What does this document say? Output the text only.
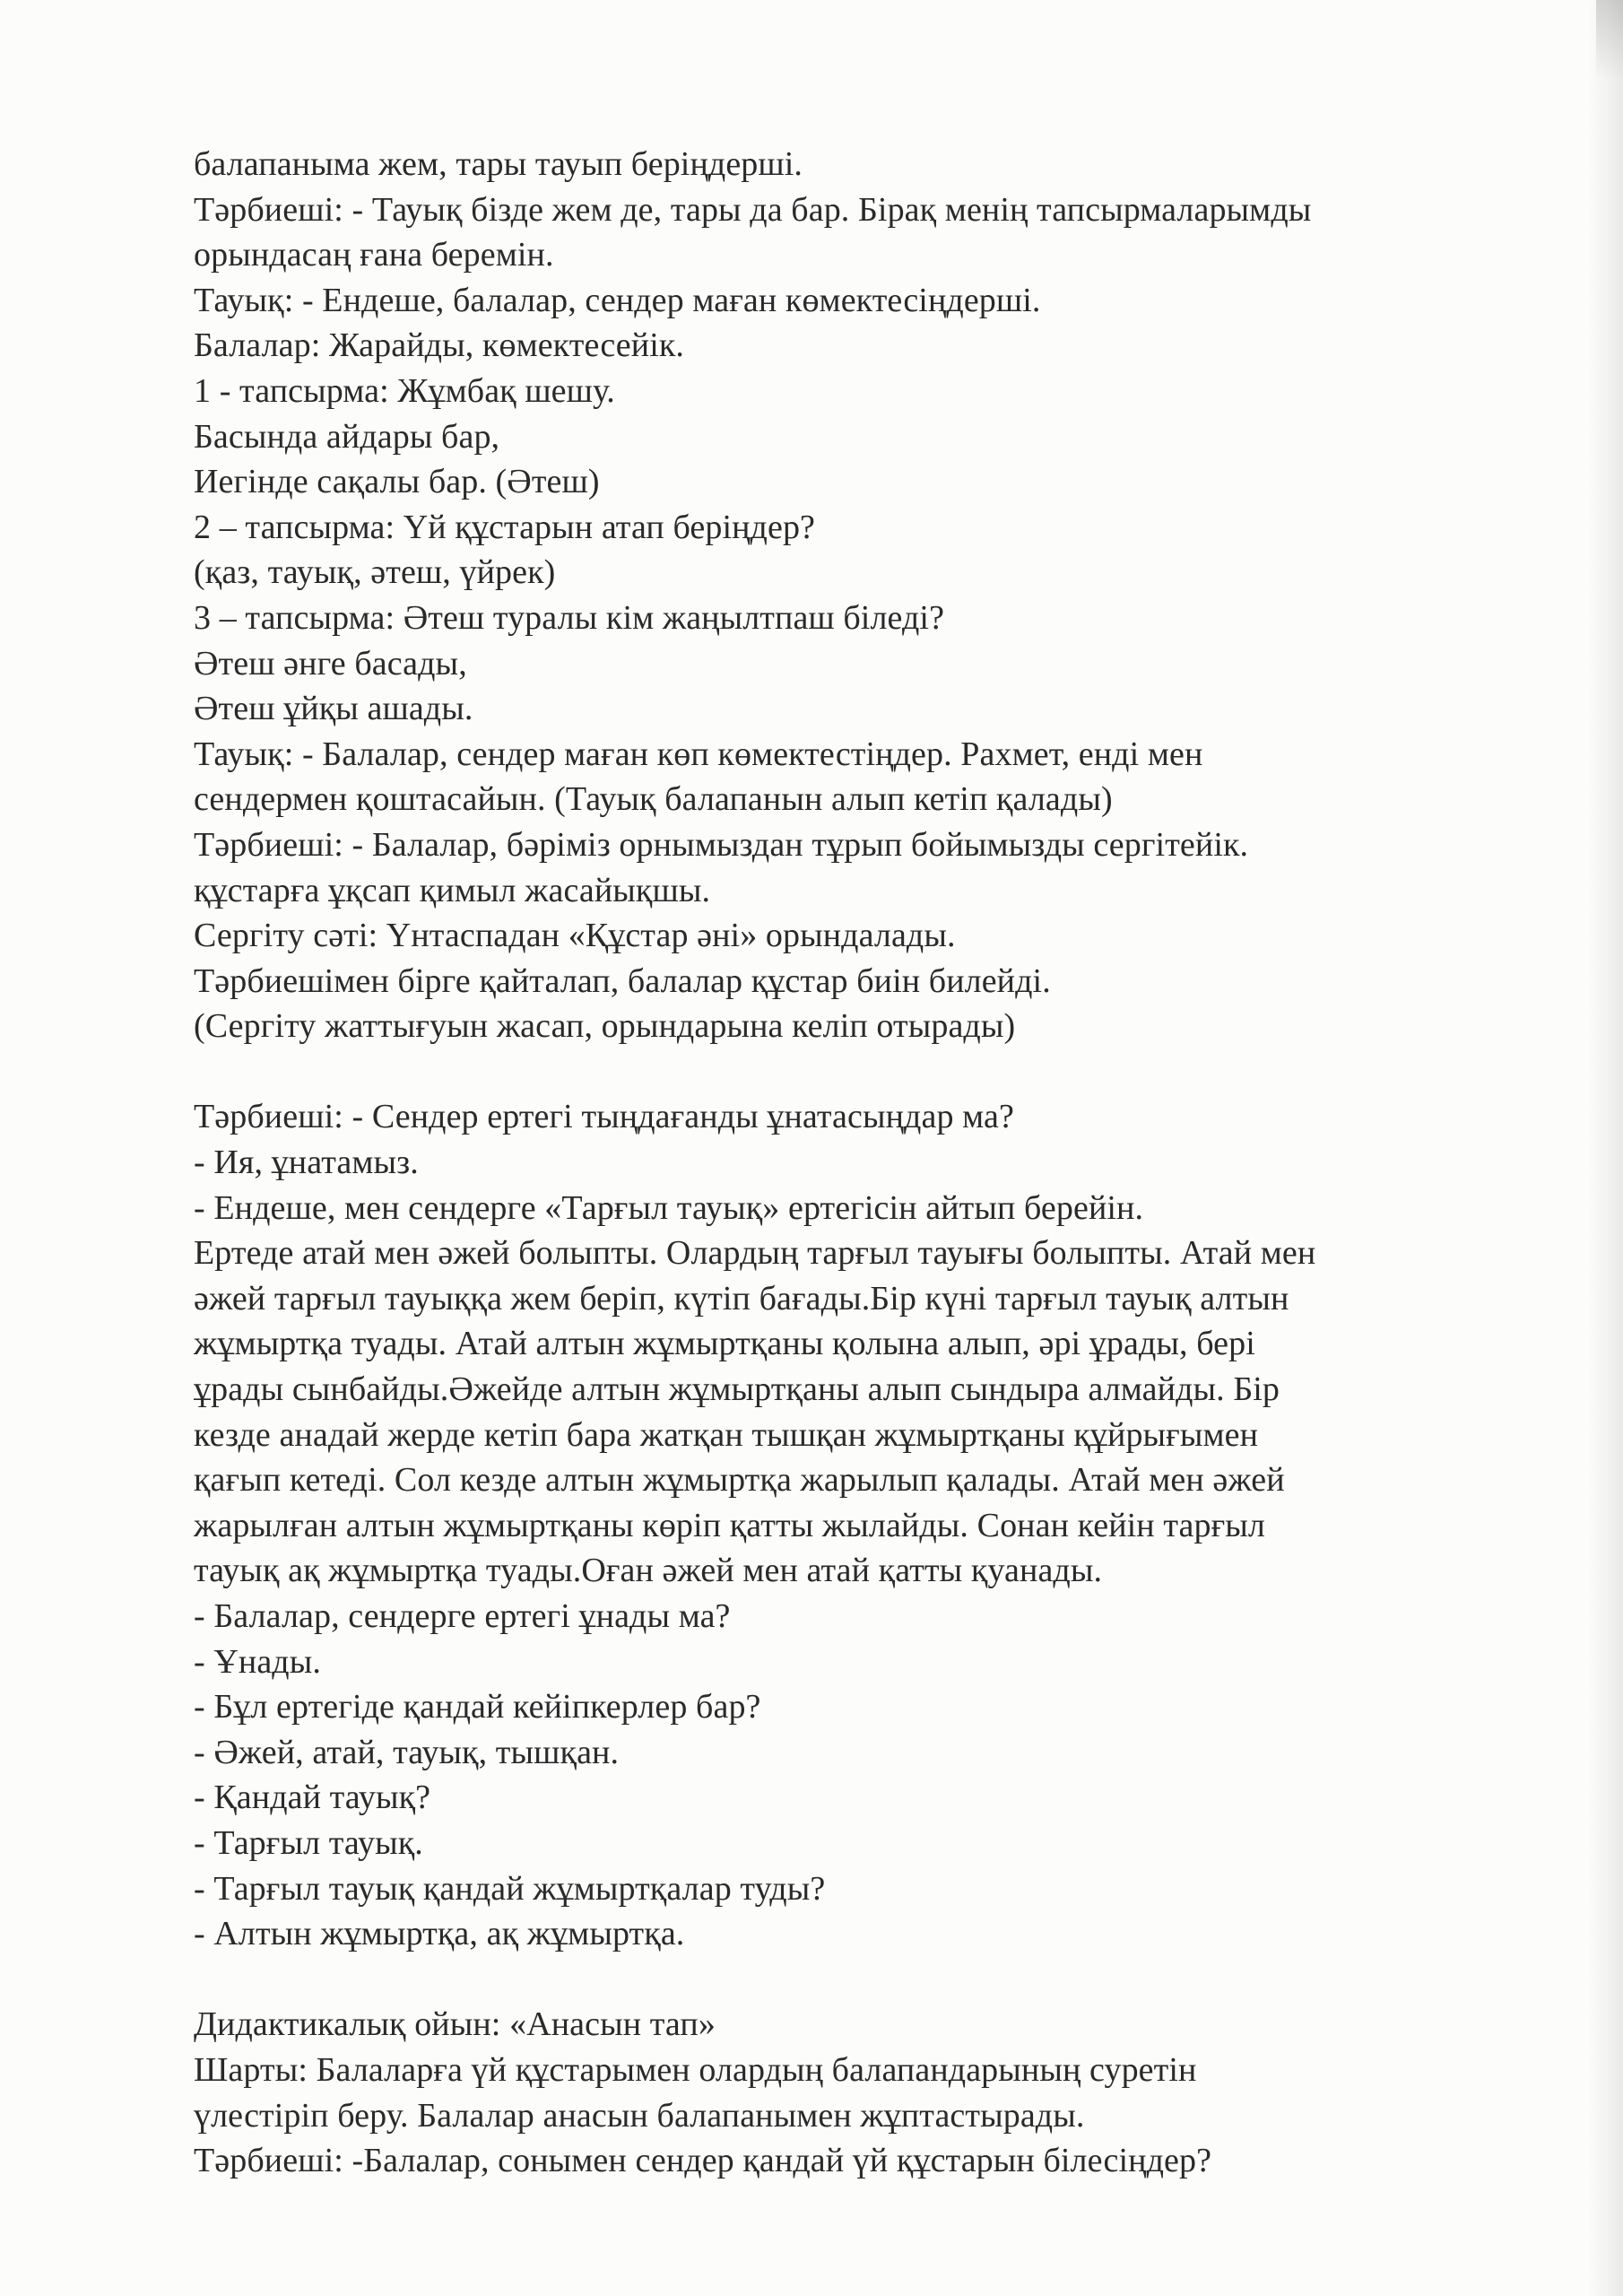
балапаныма жем, тары тауып беріңдерші.
Тәрбиеші: - Тауық бізде жем де, тары да бар. Бірақ менің тапсырмаларымды
орындасаң ғана беремін.
Тауық: - Ендеше, балалар, сендер маған көмектесіңдерші.
Балалар: Жарайды, көмектесейік.
1 - тапсырма: Жұмбақ шешу.
Басында айдары бар,
Иегінде сақалы бар. (Әтеш)
2 – тапсырма: Үй құстарын атап беріңдер?
(қаз, тауық, әтеш, үйрек)
3 – тапсырма: Әтеш туралы кім жаңылтпаш біледі?
Әтеш әнге басады,
Әтеш ұйқы ашады.
Тауық: - Балалар, сендер маған көп көмектестіңдер. Рахмет, енді мен
сендермен қоштасайын. (Тауық балапанын алып кетіп қалады)
Тәрбиеші: - Балалар, бәріміз орнымыздан тұрып бойымызды сергітейік.
құстарға ұқсап қимыл жасайықшы.
Сергіту сәті: Үнтаспадан «Құстар әні» орындалады.
Тәрбиешімен бірге қайталап, балалар құстар биін билейді.
(Сергіту жаттығуын жасап, орындарына келіп отырады)
Тәрбиеші: - Сендер ертегі тыңдағанды ұнатасыңдар ма?
- Ия, ұнатамыз.
- Ендеше, мен сендерге «Тарғыл тауық» ертегісін айтып берейін.
Ертеде атай мен әжей болыпты. Олардың тарғыл тауығы болыпты. Атай мен
әжей тарғыл тауыққа жем беріп, күтіп бағады.Бір күні тарғыл тауық алтын
жұмыртқа туады. Атай алтын жұмыртқаны қолына алып, әрі ұрады, бері
ұрады сынбайды.Әжейде алтын жұмыртқаны алып сындыра алмайды. Бір
кезде анадай жерде кетіп бара жатқан тышқан жұмыртқаны құйрығымен
қағып кетеді. Сол кезде алтын жұмыртқа жарылып қалады. Атай мен әжей
жарылған алтын жұмыртқаны көріп қатты жылайды. Сонан кейін тарғыл
тауық ақ жұмыртқа туады.Оған әжей мен атай қатты қуанады.
- Балалар, сендерге ертегі ұнады ма?
- Ұнады.
- Бұл ертегіде қандай кейіпкерлер бар?
- Әжей, атай, тауық, тышқан.
- Қандай тауық?
- Тарғыл тауық.
- Тарғыл тауық қандай жұмыртқалар туды?
- Алтын жұмыртқа, ақ жұмыртқа.
Дидактикалық ойын: «Анасын тап»
Шарты: Балаларға үй құстарымен олардың балапандарының суретін
үлестіріп беру. Балалар анасын балапанымен жұптастырады.
Тәрбиеші: -Балалар, сонымен сендер қандай үй құстарын білесіңдер?
